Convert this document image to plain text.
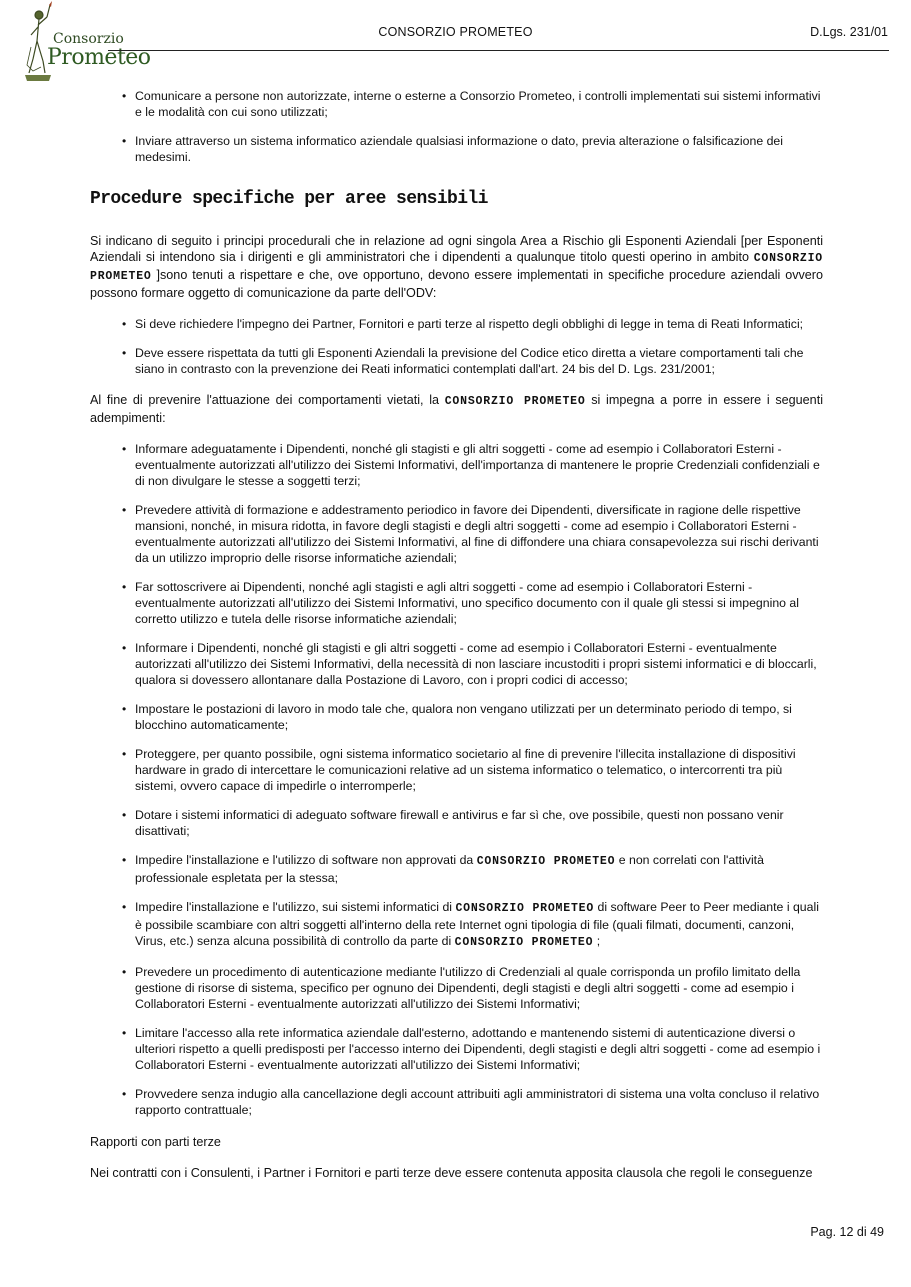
Consorzio
Prometeo
CONSORZIO PROMETEO	D.Lgs. 231/01
• Comunicare a persone non autorizzate, interne o esterne a Consorzio Prometeo, i controlli implementati sui sistemi informativi e le modalità con cui sono utilizzati;
• Inviare attraverso un sistema informatico aziendale qualsiasi informazione o dato, previa alterazione o falsificazione dei medesimi.
Procedure specifiche per aree sensibili

Si indicano di seguito i principi procedurali che in relazione ad ogni singola Area a Rischio gli Esponenti Aziendali [per Esponenti Aziendali si intendono sia i dirigenti e gli amministratori che i dipendenti a qualunque titolo questi operino in ambito CONSORZIO PROMETEO ]sono tenuti a rispettare e che, ove opportuno, devono essere implementati in specifiche procedure aziendali ovvero possono formare oggetto di comunicazione da parte dell'ODV:

• Si deve richiedere l'impegno dei Partner, Fornitori e parti terze al rispetto degli obblighi di legge in tema di Reati Informatici;
• Deve essere rispettata da tutti gli Esponenti Aziendali la previsione del Codice etico diretta a vietare comportamenti tali che siano in contrasto con la prevenzione dei Reati informatici contemplati dall'art. 24 bis del D. Lgs. 231/2001;

Al fine di prevenire l'attuazione dei comportamenti vietati, la CONSORZIO PROMETEO si impegna a porre in essere i seguenti adempimenti:

• Informare adeguatamente i Dipendenti, nonché gli stagisti e gli altri soggetti - come ad esempio i Collaboratori Esterni - eventualmente autorizzati all'utilizzo dei Sistemi Informativi, dell'importanza di mantenere le proprie Credenziali confidenziali e di non divulgare le stesse a soggetti terzi;
• Prevedere attività di formazione e addestramento periodico in favore dei Dipendenti, diversificate in ragione delle rispettive mansioni, nonché, in misura ridotta, in favore degli stagisti e degli altri soggetti - come ad esempio i Collaboratori Esterni - eventualmente autorizzati all'utilizzo dei Sistemi Informativi, al fine di diffondere una chiara consapevolezza sui rischi derivanti da un utilizzo improprio delle risorse informatiche aziendali;
• Far sottoscrivere ai Dipendenti, nonché agli stagisti e agli altri soggetti - come ad esempio i Collaboratori Esterni - eventualmente autorizzati all'utilizzo dei Sistemi Informativi, uno specifico documento con il quale gli stessi si impegnino al corretto utilizzo e tutela delle risorse informatiche aziendali;
• Informare i Dipendenti, nonché gli stagisti e gli altri soggetti - come ad esempio i Collaboratori Esterni - eventualmente autorizzati all'utilizzo dei Sistemi Informativi, della necessità di non lasciare incustoditi i propri sistemi informatici e di bloccarli, qualora si dovessero allontanare dalla Postazione di Lavoro, con i propri codici di accesso;
• Impostare le postazioni di lavoro in modo tale che, qualora non vengano utilizzati per un determinato periodo di tempo, si blocchino automaticamente;
• Proteggere, per quanto possibile, ogni sistema informatico societario al fine di prevenire l'illecita installazione di dispositivi hardware in grado di intercettare le comunicazioni relative ad un sistema informatico o telematico, o intercorrenti tra più sistemi, ovvero capace di impedirle o interromperle;
• Dotare i sistemi informatici di adeguato software firewall e antivirus e far sì che, ove possibile, questi non possano venir disattivati;
• Impedire l'installazione e l'utilizzo di software non approvati da CONSORZIO PROMETEO e non correlati con l'attività professionale espletata per la stessa;
• Impedire l'installazione e l'utilizzo, sui sistemi informatici di CONSORZIO PROMETEO di software Peer to Peer mediante i quali è possibile scambiare con altri soggetti all'interno della rete Internet ogni tipologia di file (quali filmati, documenti, canzoni, Virus, etc.) senza alcuna possibilità di controllo da parte di CONSORZIO PROMETEO ;
• Prevedere un procedimento di autenticazione mediante l'utilizzo di Credenziali al quale corrisponda un profilo limitato della gestione di risorse di sistema, specifico per ognuno dei Dipendenti, degli stagisti e degli altri soggetti - come ad esempio i Collaboratori Esterni - eventualmente autorizzati all'utilizzo dei Sistemi Informativi;
• Limitare l'accesso alla rete informatica aziendale dall'esterno, adottando e mantenendo sistemi di autenticazione diversi o ulteriori rispetto a quelli predisposti per l'accesso interno dei Dipendenti, degli stagisti e degli altri soggetti - come ad esempio i Collaboratori Esterni - eventualmente autorizzati all'utilizzo dei Sistemi Informativi;
• Provvedere senza indugio alla cancellazione degli account attribuiti agli amministratori di sistema una volta concluso il relativo rapporto contrattuale;
Rapporti con parti terze

Nei contratti con i Consulenti, i Partner i Fornitori e parti terze deve essere contenuta apposita clausola che regoli le conseguenze

Pag. 12 di 49
